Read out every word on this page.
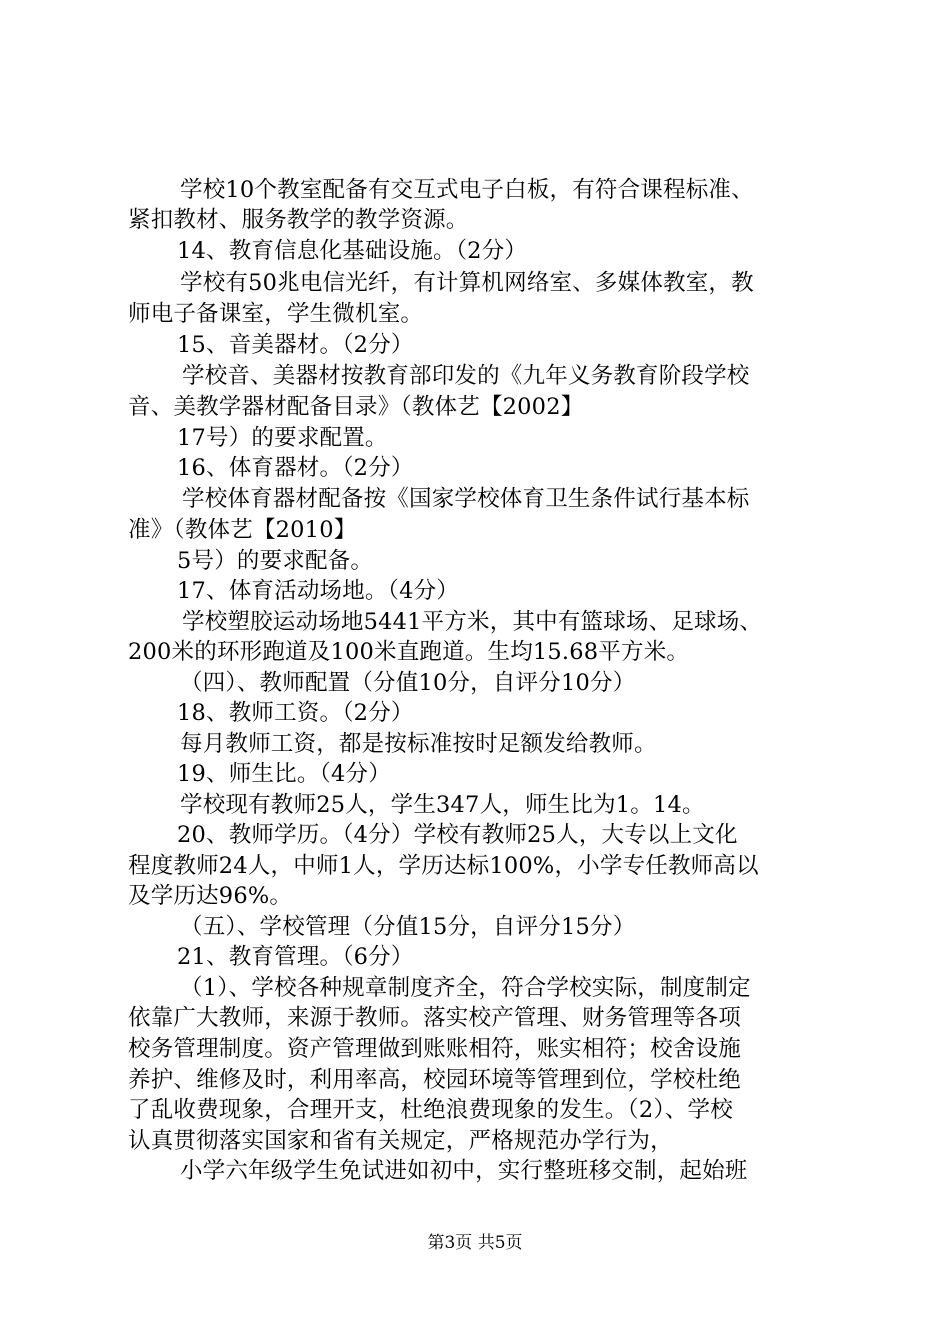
学校10个教室配备有交互式电子白板，有符合课程标准、
紧扣教材、服务教学的教学资源。
14、教育信息化基础设施。（2分）
学校有50兆电信光纤，有计算机网络室、多媒体教室，教
师电子备课室，学生微机室。
15、音美器材。（2分）
学校音、美器材按教育部印发的《九年义务教育阶段学校
音、美教学器材配备目录》（教体艺【2002】
17号）的要求配置。
16、体育器材。（2分）
学校体育器材配备按《国家学校体育卫生条件试行基本标
准》（教体艺【2010】
5号）的要求配备。
17、体育活动场地。（4分）
学校塑胶运动场地5441平方米，其中有篮球场、足球场、
200米的环形跑道及100米直跑道。生均15.68平方米。
（四）、教师配置（分值10分，自评分10分）
18、教师工资。（2分）
每月教师工资，都是按标准按时足额发给教师。
19、师生比。（4分）
学校现有教师25人，学生347人，师生比为1。14。
20、教师学历。（4分）学校有教师25人，大专以上文化
程度教师24人，中师1人，学历达标100%，小学专任教师高以
及学历达96%。
（五）、学校管理（分值15分，自评分15分）
21、教育管理。（6分）
（1）、学校各种规章制度齐全，符合学校实际，制度制定
依靠广大教师，来源于教师。落实校产管理、财务管理等各项
校务管理制度。资产管理做到账账相符，账实相符；校舍设施
养护、维修及时，利用率高，校园环境等管理到位，学校杜绝
了乱收费现象，合理开支，杜绝浪费现象的发生。（2）、学校
认真贯彻落实国家和省有关规定，严格规范办学行为，
小学六年级学生免试进如初中，实行整班移交制，起始班
第3页 共5页
